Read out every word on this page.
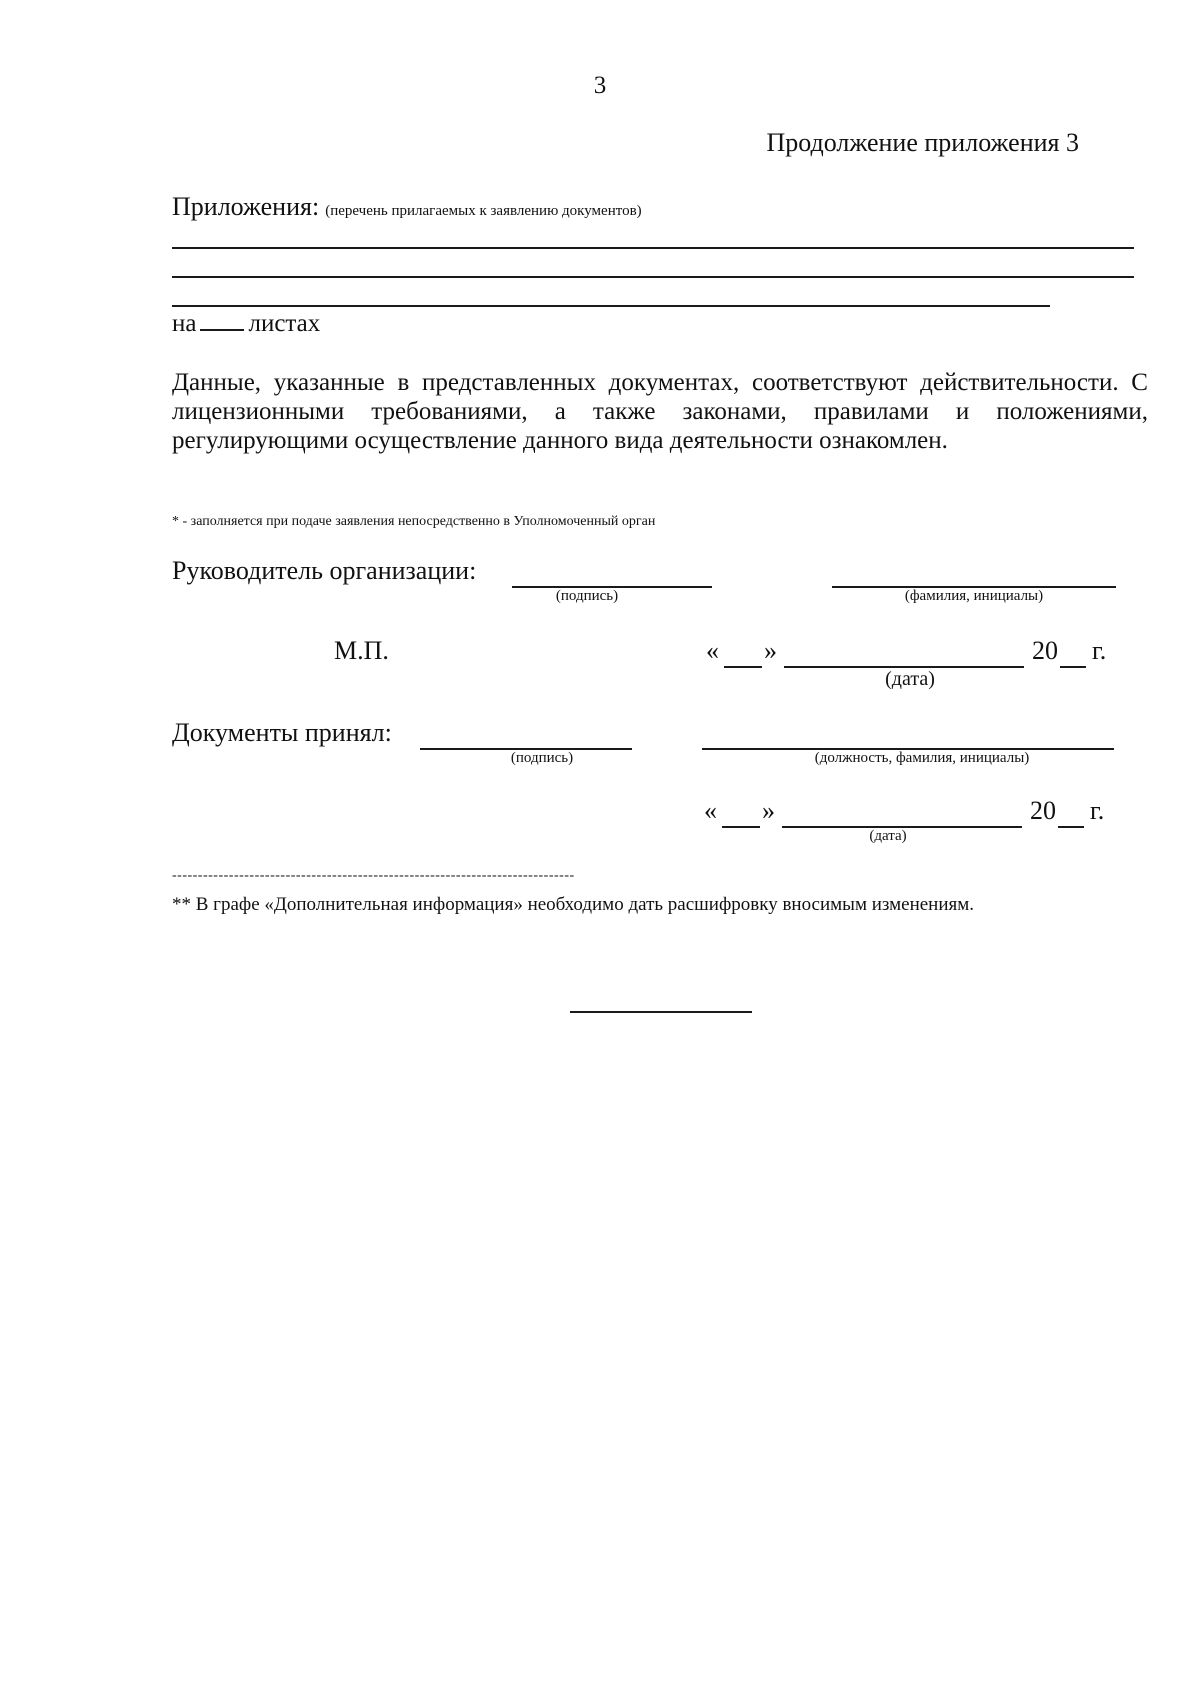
3
Продолжение приложения 3
Приложения: (перечень прилагаемых к заявлению документов)
на листах
Данные, указанные в представленных документах, соответствуют действительности. С лицензионными требованиями, а также законами, правилами и положениями, регулирующими осуществление данного вида деятельности ознакомлен.
* - заполняется при подаче заявления непосредственно в Уполномоченный орган
Руководитель организации:
(подпись)	(фамилия, инициалы)
М.П.	« »	20 г.
(дата)
Документы принял:
(подпись)	(должность, фамилия, инициалы)
« »	20 г.
(дата)
------------------------------------------------------------------------------
** В графе «Дополнительная информация» необходимо дать расшифровку вносимым изменениям.
